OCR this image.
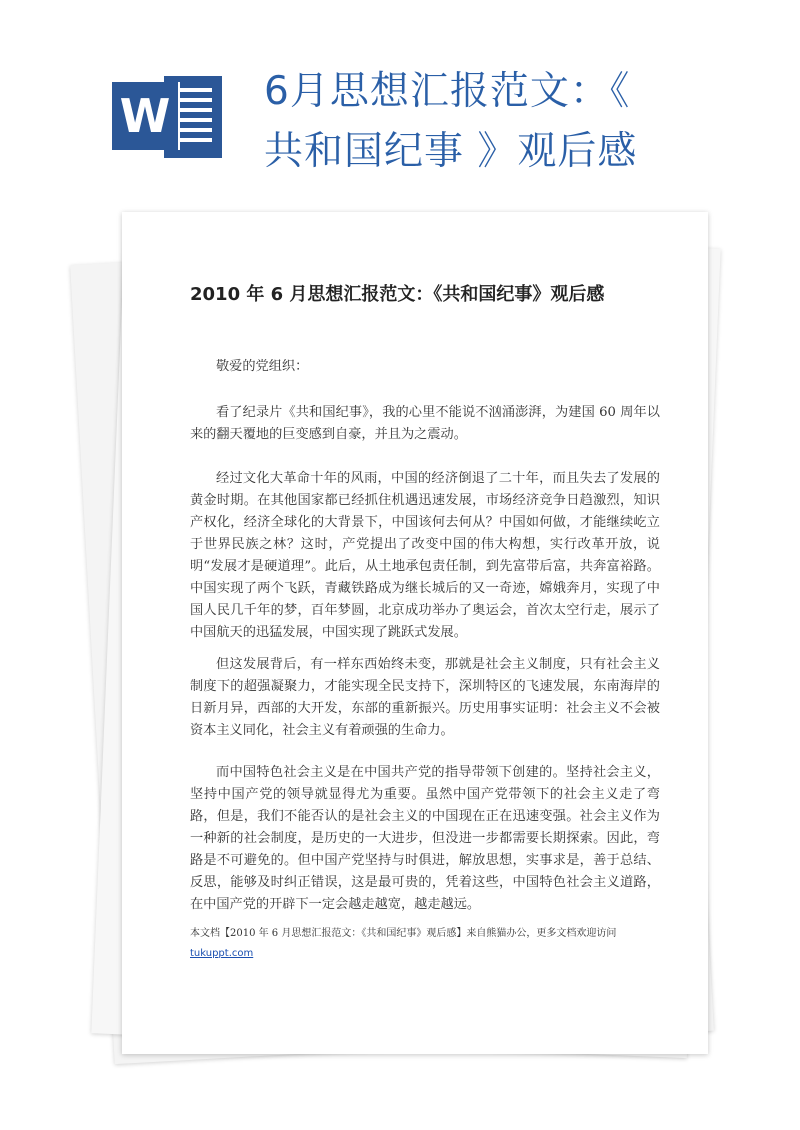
W 6月思想汇报范文：《
共和国纪事 》观后感
2010 年 6 月思想汇报范文：《共和国纪事》观后感

敬爱的党组织：

看了纪录片《共和国纪事》，我的心里不能说不汹涌澎湃，为建国 60 周年以来的翻天覆地的巨变感到自豪，并且为之震动。

经过文化大革命十年的风雨，中国的经济倒退了二十年，而且失去了发展的黄金时期。在其他国家都已经抓住机遇迅速发展，市场经济竞争日趋激烈，知识产权化，经济全球化的大背景下，中国该何去何从？中国如何做，才能继续屹立于世界民族之林？这时，产党提出了改变中国的伟大构想，实行改革开放，说明“发展才是硬道理”。此后，从土地承包责任制，到先富带后富，共奔富裕路。中国实现了两个飞跃，青藏铁路成为继长城后的又一奇迹，嫦娥奔月，实现了中国人民几千年的梦，百年梦圆，北京成功举办了奥运会，首次太空行走，展示了中国航天的迅猛发展，中国实现了跳跃式发展。

但这发展背后，有一样东西始终未变，那就是社会主义制度，只有社会主义制度下的超强凝聚力，才能实现全民支持下，深圳特区的飞速发展，东南海岸的日新月异，西部的大开发，东部的重新振兴。历史用事实证明：社会主义不会被资本主义同化，社会主义有着顽强的生命力。

而中国特色社会主义是在中国共产党的指导带领下创建的。坚持社会主义，坚持中国产党的领导就显得尤为重要。虽然中国产党带领下的社会主义走了弯路，但是，我们不能否认的是社会主义的中国现在正在迅速变强。社会主义作为一种新的社会制度，是历史的一大进步，但没进一步都需要长期探索。因此，弯路是不可避免的。但中国产党坚持与时俱进，解放思想，实事求是，善于总结、反思，能够及时纠正错误，这是最可贵的，凭着这些，中国特色社会主义道路，在中国产党的开辟下一定会越走越宽，越走越远。

本文档【2010 年 6 月思想汇报范文：《共和国纪事》观后感】来自熊猫办公，更多文档欢迎访问
tukuppt.com
